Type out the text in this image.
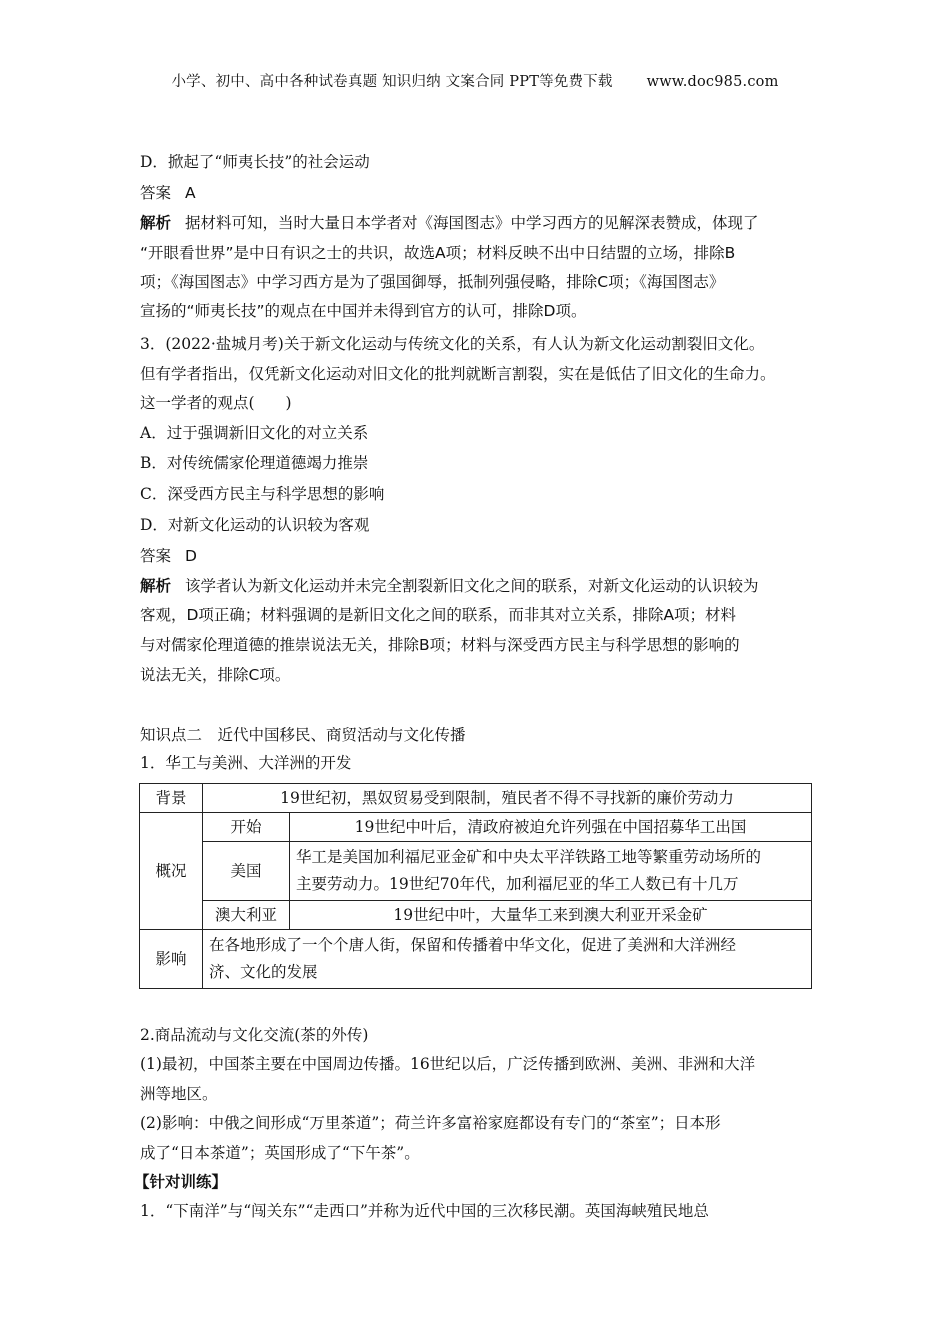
小学、初中、高中各种试卷真题 知识归纳 文案合同 PPT等免费下载 www.doc985.com
D．掀起了“师夷长技”的社会运动
答案 A
解析 据材料可知，当时大量日本学者对《海国图志》中学习西方的见解深表赞成，体现了
“开眼看世界”是中日有识之士的共识，故选A项；材料反映不出中日结盟的立场，排除B
项；《海国图志》中学习西方是为了强国御辱，抵制列强侵略，排除C项；《海国图志》
宣扬的“师夷长技”的观点在中国并未得到官方的认可，排除D项。
3．(2022·盐城月考)关于新文化运动与传统文化的关系，有人认为新文化运动割裂旧文化。
但有学者指出，仅凭新文化运动对旧文化的批判就断言割裂，实在是低估了旧文化的生命力。
这一学者的观点(　　)
A．过于强调新旧文化的对立关系
B．对传统儒家伦理道德竭力推崇
C．深受西方民主与科学思想的影响
D．对新文化运动的认识较为客观
答案 D
解析 该学者认为新文化运动并未完全割裂新旧文化之间的联系，对新文化运动的认识较为
客观，D项正确；材料强调的是新旧文化之间的联系，而非其对立关系，排除A项；材料
与对儒家伦理道德的推崇说法无关，排除B项；材料与深受西方民主与科学思想的影响的
说法无关，排除C项。
知识点二　近代中国移民、商贸活动与文化传播
1．华工与美洲、大洋洲的开发
背景	19世纪初，黑奴贸易受到限制，殖民者不得不寻找新的廉价劳动力	
概况	开始	19世纪中叶后，清政府被迫允许列强在中国招募华工出国
	美国	华工是美国加利福尼亚金矿和中央太平洋铁路工地等繁重劳动场所的
主要劳动力。19世纪70年代，加利福尼亚的华工人数已有十几万

	澳大利亚	19世纪中叶，大量华工来到澳大利亚开采金矿
影响	在各地形成了一个个唐人街，保留和传播着中华文化，促进了美洲和大洋洲经
济、文化的发展	
2.商品流动与文化交流(茶的外传)
(1)最初，中国茶主要在中国周边传播。16世纪以后，广泛传播到欧洲、美洲、非洲和大洋
洲等地区。
(2)影响：中俄之间形成“万里茶道”；荷兰许多富裕家庭都设有专门的“茶室”；日本形
成了“日本茶道”；英国形成了“下午茶”。
【针对训练】
1．“下南洋”与“闯关东”“走西口”并称为近代中国的三次移民潮。英国海峡殖民地总
